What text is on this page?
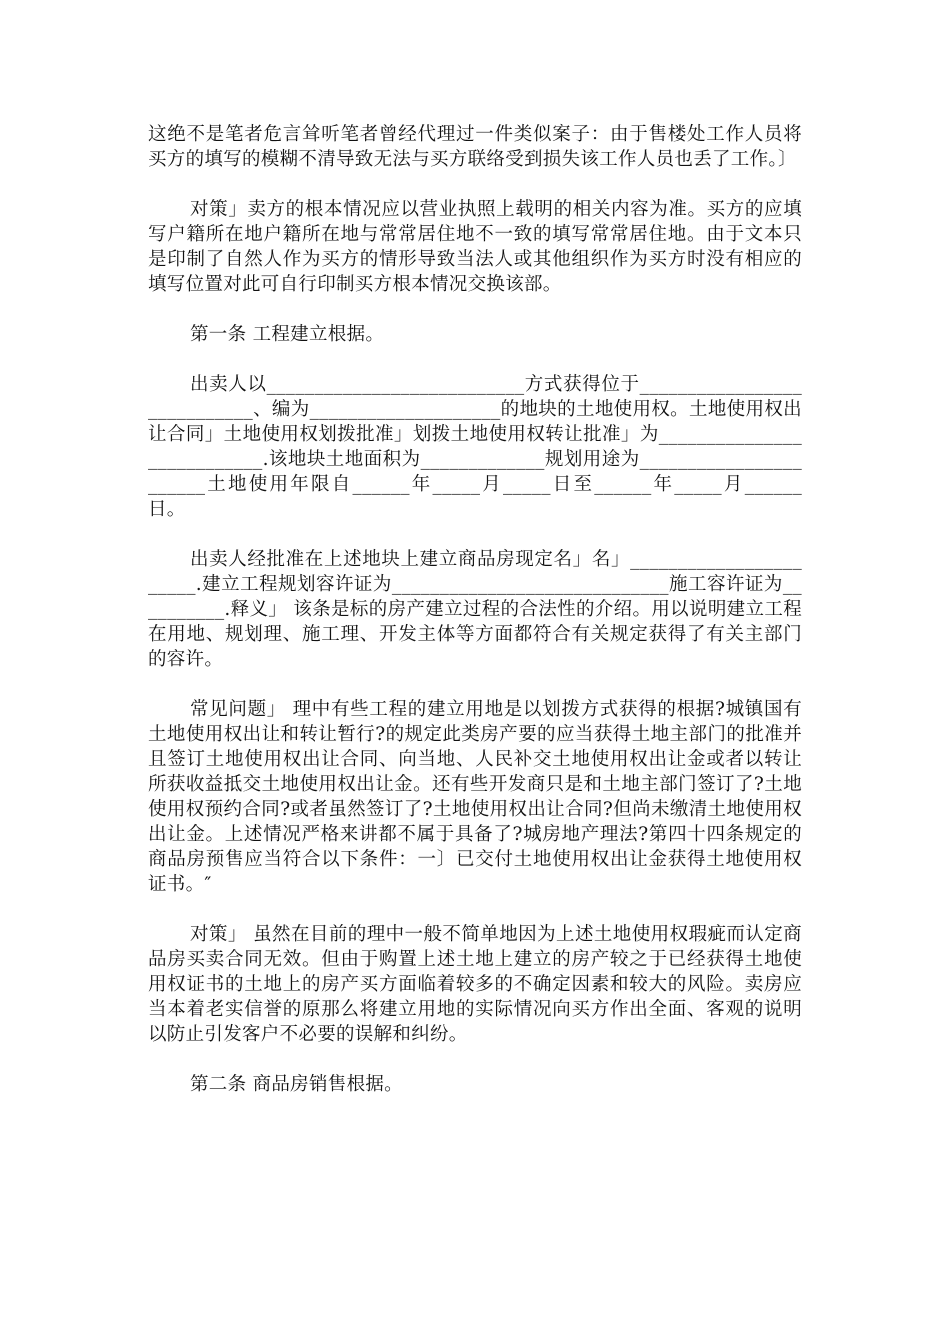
这绝不是笔者危言耸听笔者曾经代理过一件类似案子：由于售楼处工作人员将买方的填写的模糊不清导致无法与买方联络受到损失该工作人员也丢了工作。〕

对策」卖方的根本情况应以营业执照上载明的相关内容为准。买方的应填写户籍所在地户籍所在地与常常居住地不一致的填写常常居住地。由于文本只是印制了自然人作为买方的情形导致当法人或其他组织作为买方时没有相应的填写位置对此可自行印制买方根本情况交换该部。

第一条 工程建立根据。

出卖人以___________________________方式获得位于____________________________、编为____________________的地块的土地使用权。土地使用权出让合同」土地使用权划拨批准」划拨土地使用权转让批准」为___________________________.该地块土地面积为_____________规划用途为_______________________土地使用年限自______年_____月_____日至______年_____月______日。

出卖人经批准在上述地块上建立商品房现定名」名」_______________________.建立工程规划容许证为_____________________________施工容许证为__________.释义」 该条是标的房产建立过程的合法性的介绍。用以说明建立工程在用地、规划理、施工理、开发主体等方面都符合有关规定获得了有关主部门的容许。

常见问题」 理中有些工程的建立用地是以划拨方式获得的根据?城镇国有土地使用权出让和转让暂行?的规定此类房产要的应当获得土地主部门的批准并且签订土地使用权出让合同、向当地、人民补交土地使用权出让金或者以转让所获收益抵交土地使用权出让金。还有些开发商只是和土地主部门签订了?土地使用权预约合同?或者虽然签订了?土地使用权出让合同?但尚未缴清土地使用权出让金。上述情况严格来讲都不属于具备了?城房地产理法?第四十四条规定的商品房预售应当符合以下条件：一〕已交付土地使用权出让金获得土地使用权证书。″

对策」 虽然在目前的理中一般不简单地因为上述土地使用权瑕疵而认定商品房买卖合同无效。但由于购置上述土地上建立的房产较之于已经获得土地使用权证书的土地上的房产买方面临着较多的不确定因素和较大的风险。卖房应当本着老实信誉的原那么将建立用地的实际情况向买方作出全面、客观的说明以防止引发客户不必要的误解和纠纷。

第二条 商品房销售根据。
